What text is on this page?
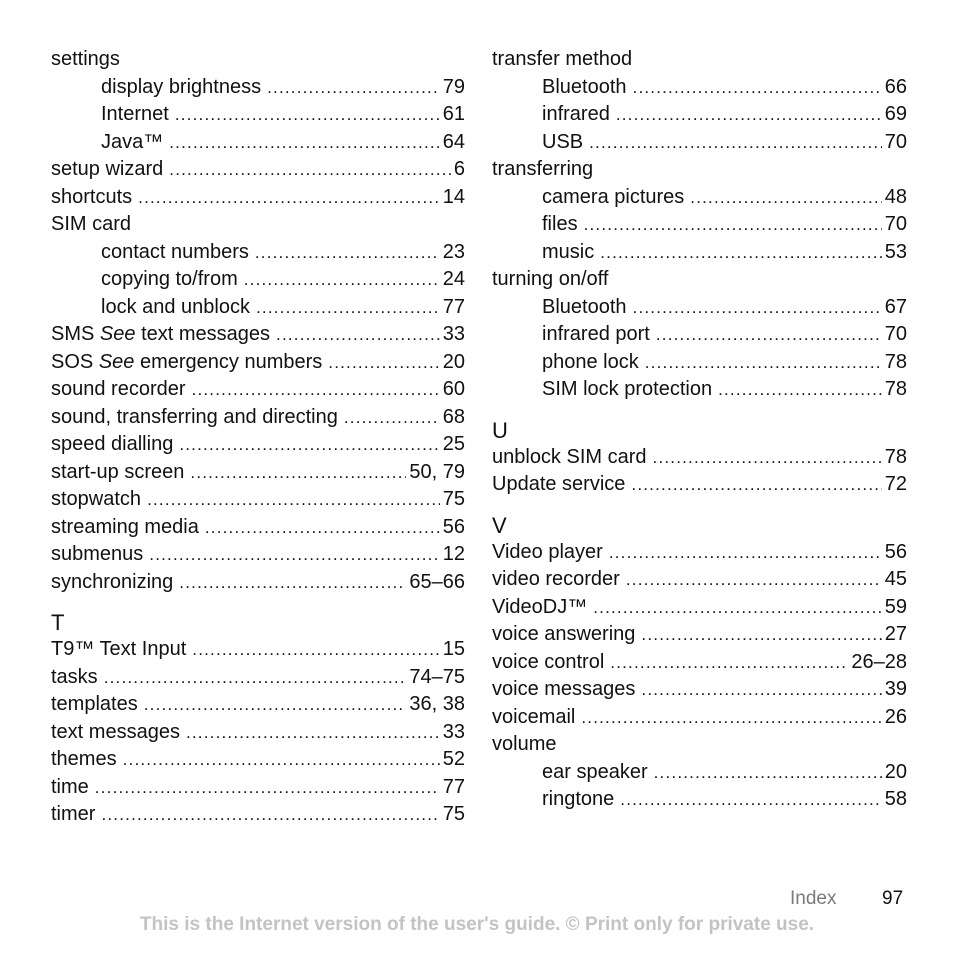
settings
display brightness .....	79
Internet .....	61
Java™ .....	64
setup wizard .....	6
shortcuts .....	14
SIM card
contact numbers .....	23
copying to/from .....	24
lock and unblock .....	77
SMS See text messages .....	33
SOS See emergency numbers .....	20
sound recorder .....	60
sound, transferring and directing .....	68
speed dialling .....	25
start-up screen .....	50, 79
stopwatch .....	75
streaming media .....	56
submenus .....	12
synchronizing .....	65–66
T
T9™ Text Input .....	15
tasks .....	74–75
templates .....	36, 38
text messages .....	33
themes .....	52
time .....	77
timer .....	75
transfer method
Bluetooth .....	66
infrared .....	69
USB .....	70
transferring
camera pictures .....	48
files .....	70
music .....	53
turning on/off
Bluetooth .....	67
infrared port .....	70
phone lock .....	78
SIM lock protection .....	78
U
unblock SIM card .....	78
Update service .....	72
V
Video player .....	56
video recorder .....	45
VideoDJ™ .....	59
voice answering .....	27
voice control .....	26–28
voice messages .....	39
voicemail .....	26
volume
ear speaker .....	20
ringtone .....	58
Index 97
This is the Internet version of the user's guide. © Print only for private use.
